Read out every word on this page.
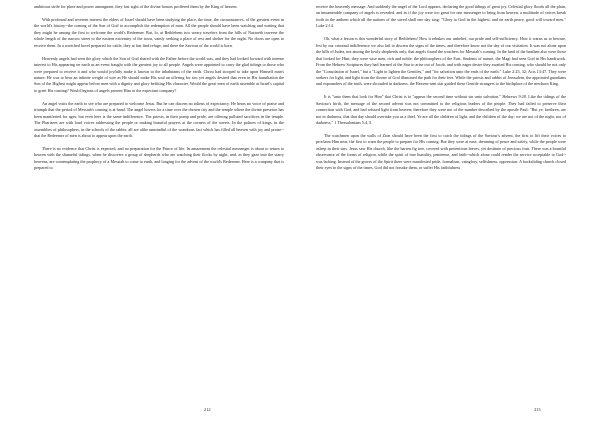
ambitious strife for place and power amongmen, they lost sight of the divine honors proffered them by the King of heaven.

With profound and reverent interest the elders of Israel should have been studying the place, the time, the circumstances, of the greatest event in the world's history--the coming of the Son of God to accomplish the redemption of man. All the people should have been watching and waiting that they might be among the first to welcome the world's Redeemer. But, lo, at Bethlehem two weary travelers from the hills of Nazareth traverse the whole length of the narrow street to the eastern extremity of the town, vainly seeking a place of rest and shelter for the night. No doors are open to receive them. In a wretched hovel prepared for cattle, they at last find refuge, and there the Saviour of the world is born.

Heavenly angels had seen the glory which the Son of God shared with the Father before the world was, and they had looked forward with intense interest to His appearing on earth as an event fraught with the greatest joy to all people. Angels were appointed to carry the glad tidings to those who were prepared to receive it and who would joyfully make it known to the inhabitants of the earth. Christ had stooped to take upon Himself man's nature; He was to bear an infinite weight of woe as He should make His soul an offering for sin; yet angels desired that even in His humiliation the Son of the Highest might appear before men with a dignity and glory befitting His character. Would the great men of earth assemble at Israel's capital to greet His coming? Would legions of angels present Him to the expectant company?

An angel visits the earth to see who are prepared to welcome Jesus. But he can discern no tokens of expectancy. He hears no voice of praise and triumph that the period of Messiah's coming is at hand. The angel hovers for a time over the chosen city and the temple where the divine presence has been manifested for ages; but even here is the same indifference. The priests, in their pomp and pride, are offering polluted sacrifices in the temple. The Pharisees are with loud voices addressing the people or making boastful prayers at the corners of the streets. In the palaces of kings, in the assemblies of philosophers, in the schools of the rabbis, all are alike unmindful of the wondrous fact which has filled all heaven with joy and praise--that the Redeemer of men is about to appear upon the earth.

There is no evidence that Christ is expected, and no preparation for the Prince of life. In amazement the celestial messenger is about to return to heaven with the shameful tidings, when he discovers a group of shepherds who are watching their flocks by night, and, as they gaze into the starry heavens, are contemplating the prophecy of a Messiah to come to earth, and longing for the advent of the world's Redeemer. Here is a company that is prepared to

212

receive the heavenly message. And suddenly the angel of the Lord appears, declaring the good tidings of great joy. Celestial glory floods all the plain, an innumerable company of angels is revealed, and as if the joy were too great for one messenger to bring from heaven, a multitude of voices break forth in the anthem which all the nations of the saved shall one day sing: "Glory to God in the highest, and on earth peace, good will toward men." Luke 2:14.

Oh, what a lesson is this wonderful story of Bethlehem! How it rebukes our unbelief, our pride and self-sufficiency. How it warns us to beware, lest by our criminal indifference we also fail to discern the signs of the times, and therefore know not the day of our visitation. It was not alone upon the hills of Judea, not among the lowly shepherds only, that angels found the watchers for Messiah's coming. In the land of the heathen also were those that looked for Him; they were wise men, rich and noble, the philosophers of the East. Students of nature, the Magi had seen God in His handiwork. From the Hebrew Scriptures they had learned of the Star to arise out of Jacob, and with eager desire they awaited His coming, who should be not only the "Consolation of Israel," but a "Light to lighten the Gentiles," and "for salvation unto the ends of the earth." Luke 2:25, 32; Acts 13:47. They were seekers for light, and light from the throne of God illumined the path for their feet. While the priests and rabbis of Jerusalem, the appointed guardians and expounders of the truth, were shrouded in darkness, the Heaven-sent star guided these Gentile strangers to the birthplace of the newborn King.

It is "unto them that look for Him" that Christ is to "appear the second time without sin unto salvation." Hebrews 9:28. Like the tidings of the Saviour's birth, the message of the second advent was not committed to the religious leaders of the people. They had failed to preserve their connection with God, and had refused light from heaven; therefore they were not of the number described by the apostle Paul: "But ye, brethren, are not in darkness, that that day should overtake you as a thief. Ye are all the children of light, and the children of the day: we are not of the night, nor of darkness." 1 Thessalonians 5:4, 5.

The watchmen upon the walls of Zion should have been the first to catch the tidings of the Saviour's advent, the first to lift their voices to proclaim Him near, the first to warn the people to prepare for His coming. But they were at ease, dreaming of peace and safety, while the people were asleep in their sins. Jesus saw His church, like the barren fig tree, covered with pretentious leaves, yet destitute of precious fruit. There was a boastful observance of the forms of religion, while the spirit of true humility, penitence, and faith--which alone could render the service acceptable to God--was lacking. Instead of the graces of the Spirit there were manifested pride, formalism, vainglory, selfishness, oppression. A backsliding church closed their eyes to the signs of the times. God did not forsake them, or suffer His faithfulness

213
